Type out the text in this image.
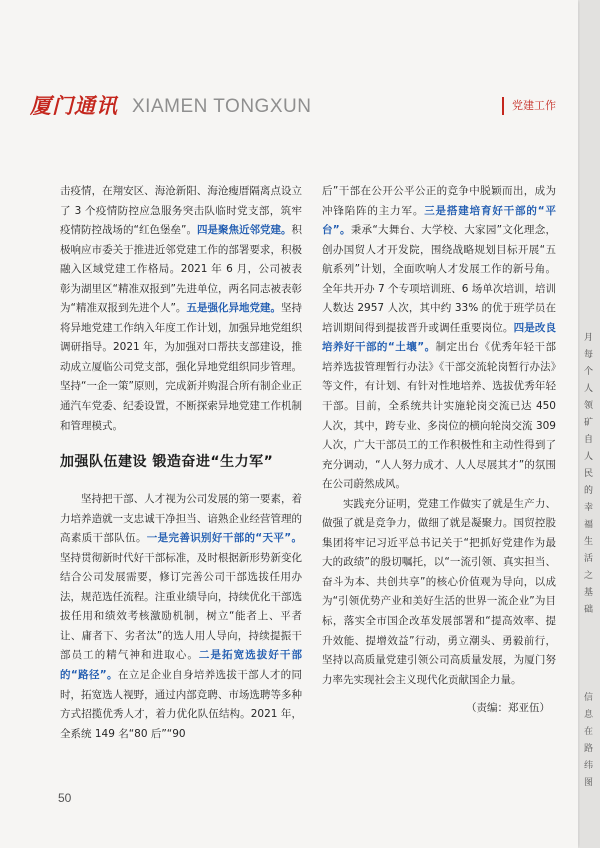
厦门通讯 XIAMEN TONGXUN	党建工作

击疫情，在翔安区、海沧新阳、海沧瘦厝隔离点设立了 3 个疫情防控应急服务突击队临时党支部，筑牢疫情防控战场的“红色堡垒”。四是聚焦近邻党建。积极响应市委关于推进近邻党建工作的部署要求，积极融入区域党建工作格局。2021 年 6 月，公司被表彰为湖里区“精准双报到”先进单位，两名同志被表彰为“精准双报到先进个人”。五是强化异地党建。坚持将异地党建工作纳入年度工作计划，加强异地党组织调研指导。2021 年，为加强对口帮扶支部建设，推动成立厦临公司党支部，强化异地党组织同步管理。坚持“一企一策”原则，完成新并购混合所有制企业正通汽车党委、纪委设置，不断探索异地党建工作机制和管理模式。

加强队伍建设 锻造奋进“生力军”

坚持把干部、人才视为公司发展的第一要素，着力培养造就一支忠诚干净担当、谙熟企业经营管理的高素质干部队伍。一是完善识别好干部的“天平”。坚持贯彻新时代好干部标准，及时根据新形势新变化结合公司发展需要，修订完善公司干部选拔任用办法，规范选任流程。注重业绩导向，持续优化干部选拔任用和绩效考核激励机制，树立“能者上、平者让、庸者下、劣者汰”的选人用人导向，持续提振干部员工的精气神和进取心。二是拓宽选拔好干部的“路径”。在立足企业自身培养选拔干部人才的同时，拓宽选人视野，通过内部竞聘、市场选聘等多种方式招揽优秀人才，着力优化队伍结构。2021 年，全系统 149 名“80 后”“90

后”干部在公开公平公正的竞争中脱颖而出，成为冲锋陷阵的主力军。三是搭建培育好干部的“平台”。秉承“大舞台、大学校、大家园”文化理念，创办国贸人才开发院，围绕战略规划目标开展“五航系列”计划，全面吹响人才发展工作的新号角。全年共开办 7 个专项培训班、6 场单次培训，培训人数达 2957 人次，其中约 33% 的优于班学员在培训期间得到提拔晋升或调任重要岗位。四是改良培养好干部的“土壤”。制定出台《优秀年轻干部培养选拔管理暂行办法》《干部交流轮岗暂行办法》等文件，有计划、有针对性地培养、选拔优秀年轻干部。目前，全系统共计实施轮岗交流已达 450 人次，其中，跨专业、多岗位的横向轮岗交流 309 人次，广大干部员工的工作积极性和主动性得到了充分调动，“人人努力成才、人人尽展其才”的氛围在公司蔚然成风。

实践充分证明，党建工作做实了就是生产力、做强了就是竞争力，做细了就是凝聚力。国贸控股集团将牢记习近平总书记关于“把抓好党建作为最大的政绩”的殷切嘱托，以“一流引领、真实担当、奋斗为本、共创共享”的核心价值观为导向，以成为“引领优势产业和美好生活的世界一流企业”为目标，落实全市国企改革发展部署和“提高效率、提升效能、提增效益”行动，勇立潮头、勇毅前行，坚持以高质量党建引领公司高质量发展，为厦门努力率先实现社会主义现代化贡献国企力量。

（责编：郑亚伍）

50
月每个人领矿自人民的幸福生活之基础
信息在路纬图
